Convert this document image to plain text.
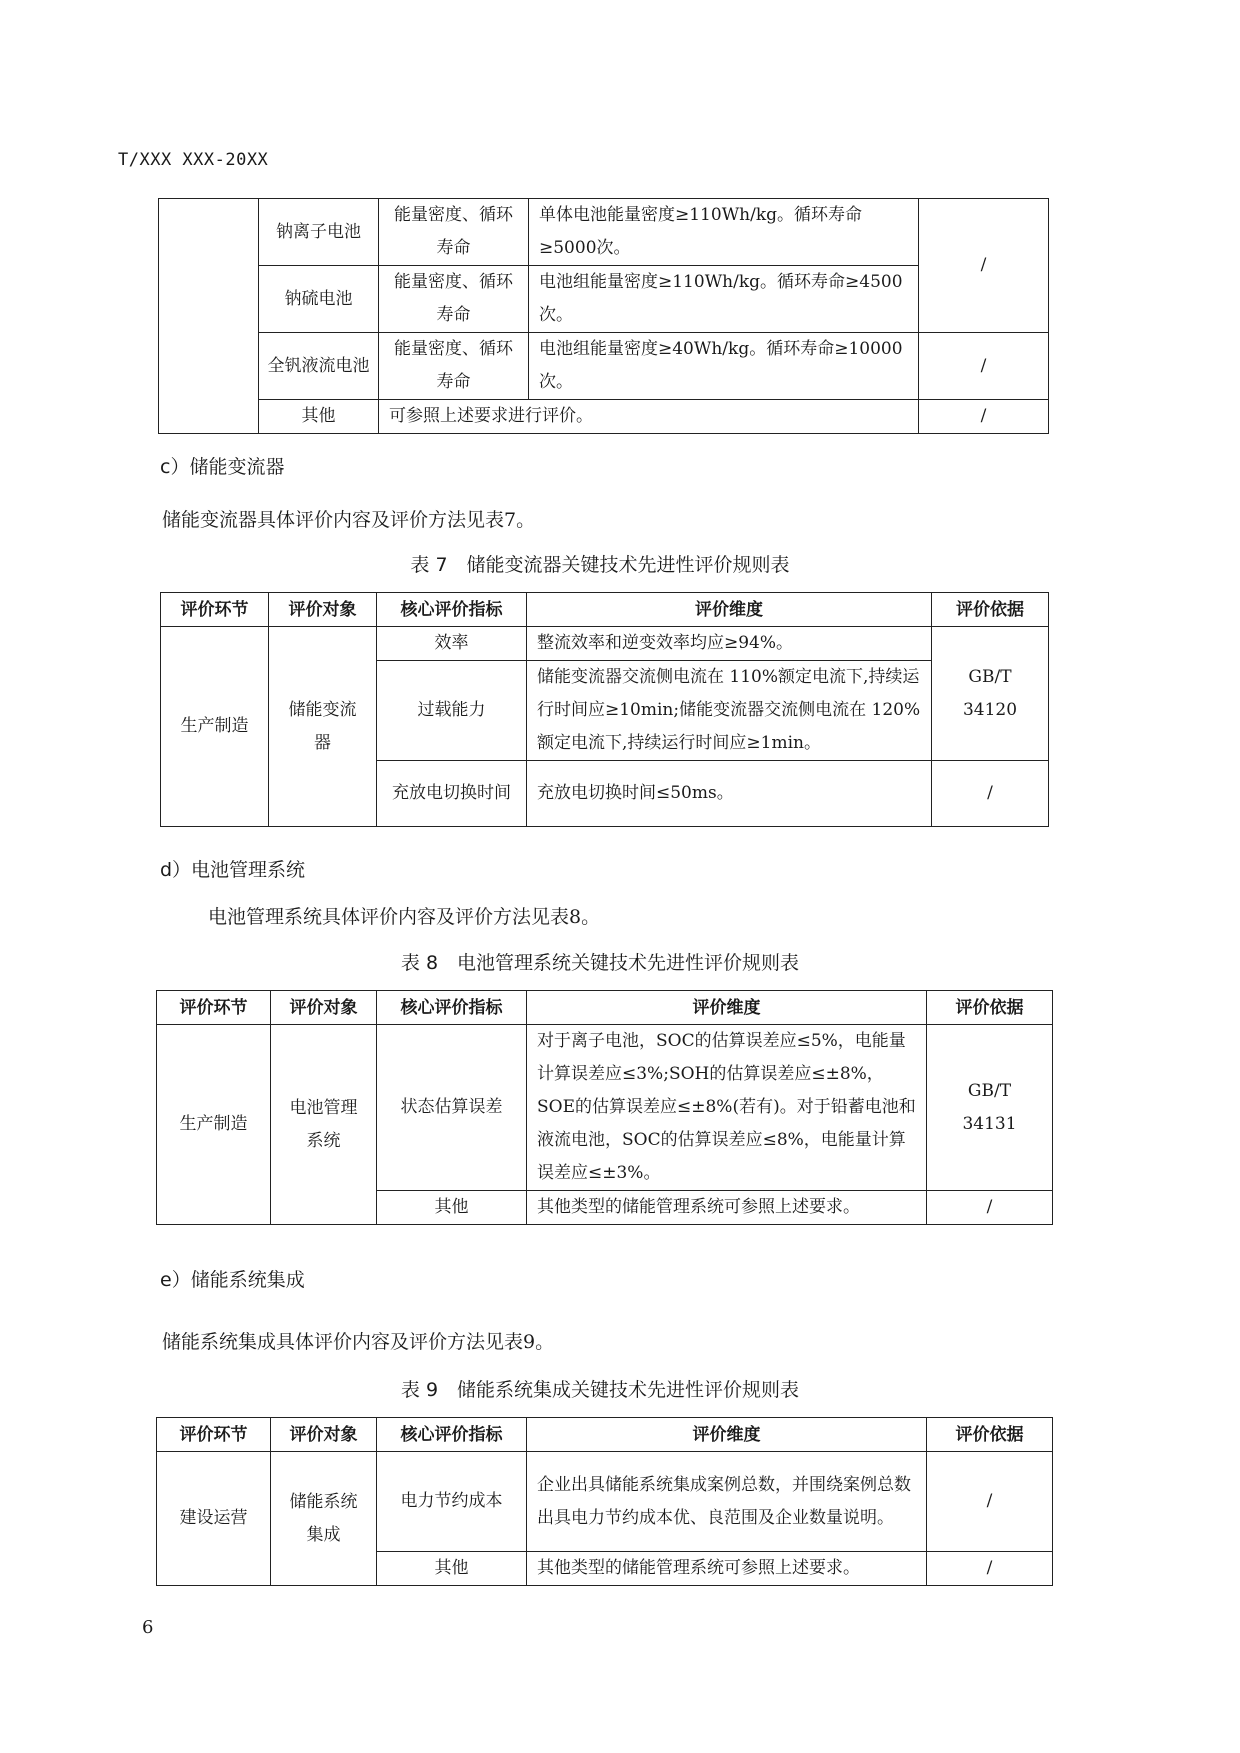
T/XXX XXX-20XX
	钠离子电池	能量密度、循环寿命	单体电池能量密度≥110Wh/kg。循环寿命≥5000次。	/
	钠硫电池	能量密度、循环寿命	电池组能量密度≥110Wh/kg。循环寿命≥4500次。	
	全钒液流电池	能量密度、循环寿命	电池组能量密度≥40Wh/kg。循环寿命≥10000次。	/
	其他	可参照上述要求进行评价。		/
c）储能变流器
储能变流器具体评价内容及评价方法见表7。
表 7　储能变流器关键技术先进性评价规则表
评价环节	评价对象	核心评价指标	评价维度	评价依据
生产制造	储能变流器	效率	整流效率和逆变效率均应≥94%。	GB/T 34120
		过载能力	储能变流器交流侧电流在 110%额定电流下,持续运行时间应≥10min;储能变流器交流侧电流在 120%额定电流下,持续运行时间应≥1min。	
		充放电切换时间	充放电切换时间≤50ms。	/
d）电池管理系统
电池管理系统具体评价内容及评价方法见表8。
表 8　电池管理系统关键技术先进性评价规则表
评价环节	评价对象	核心评价指标	评价维度	评价依据
生产制造	电池管理系统	状态估算误差	对于离子电池，SOC的估算误差应≤5%，电能量计算误差应≤3%;SOH的估算误差应≤±8%，SOE的估算误差应≤±8%(若有)。对于铅蓄电池和液流电池，SOC的估算误差应≤8%，电能量计算误差应≤±3%。	GB/T　34131
		其他	其他类型的储能管理系统可参照上述要求。	/
e）储能系统集成
储能系统集成具体评价内容及评价方法见表9。
表 9　储能系统集成关键技术先进性评价规则表
评价环节	评价对象	核心评价指标	评价维度	评价依据
建设运营	储能系统集成	电力节约成本	企业出具储能系统集成案例总数，并围绕案例总数出具电力节约成本优、良范围及企业数量说明。	/
		其他	其他类型的储能管理系统可参照上述要求。	/
6
